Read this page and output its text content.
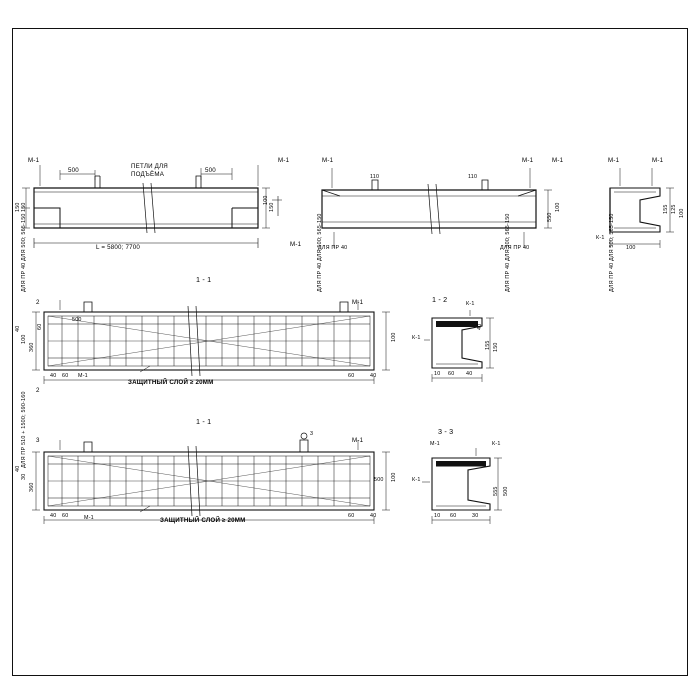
М-1
500	500
ПЕТЛИ ДЛЯ
ПОДЪЁМА
М-1
150
150	150
100
L = 5800; 7700
ДЛЯ ПР 40 ДЛЯ 500; 565-150
М-1	М-1	М-1
М-1
110	110
ДЛЯ ПР 40	ДЛЯ ПР 40
100
550
ДЛЯ ПР 40 ДЛЯ 500; 565-150	ДЛЯ ПР 40 ДЛЯ 500; 565-150
М-1	М-1
155 125 100
100
ДЛЯ ПР 40 ДЛЯ 500; 565-150
К-1
1 - 1
2	М-1
360
100
40	60
100
40 60	60	40
М-1
ЗАЩИТНЫЙ СЛОЙ ≥ 20ММ
2
ДЛЯ ПР 510 + 1500; 590-160
500
1 - 2	К-1
К-1
155 150
40
10 60 40
1 - 1
3	М-1
3
360
30
40
100
500
40 60	60	40
М-1	ЗАЩИТНЫЙ СЛОЙ ≥ 20ММ
3 - 3
М-1	К-1
К-1
555 500
10 60	30
